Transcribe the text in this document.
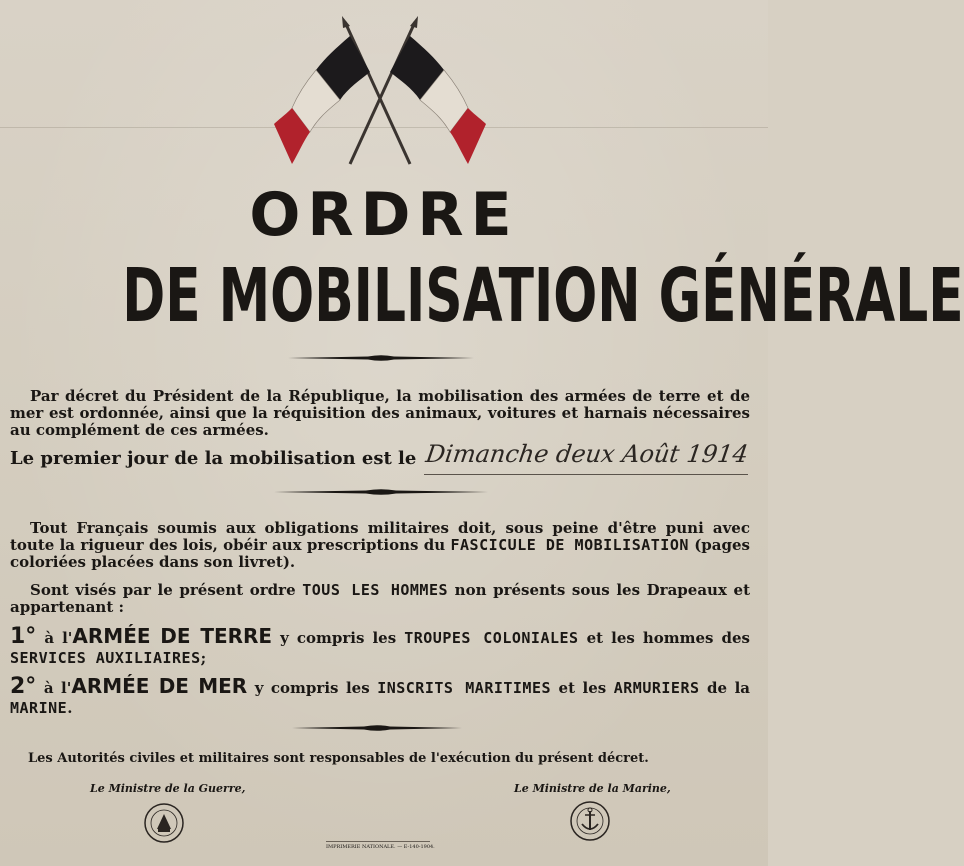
ORDRE
DE MOBILISATION GÉNÉRALE
Par décret du Président de la République, la mobilisation des armées de terre et de mer est ordonnée, ainsi que la réquisition des animaux, voitures et harnais nécessaires au complément de ces armées.
Le premier jour de la mobilisation est le Dimanche deux Août 1914
Tout Français soumis aux obligations militaires doit, sous peine d'être puni avec toute la rigueur des lois, obéir aux prescriptions du FASCICULE DE MOBILISATION (pages coloriées placées dans son livret).
Sont visés par le présent ordre TOUS LES HOMMES non présents sous les Drapeaux et appartenant :
1° à l'ARMÉE DE TERRE y compris les TROUPES COLONIALES et les hommes des SERVICES AUXILIAIRES;
2° à l'ARMÉE DE MER y compris les INSCRITS MARITIMES et les ARMURIERS de la MARINE.
Les Autorités civiles et militaires sont responsables de l'exécution du présent décret.
Le Ministre de la Guerre,	Le Ministre de la Marine,
IMPRIMERIE NATIONALE. — E-140-1904.
